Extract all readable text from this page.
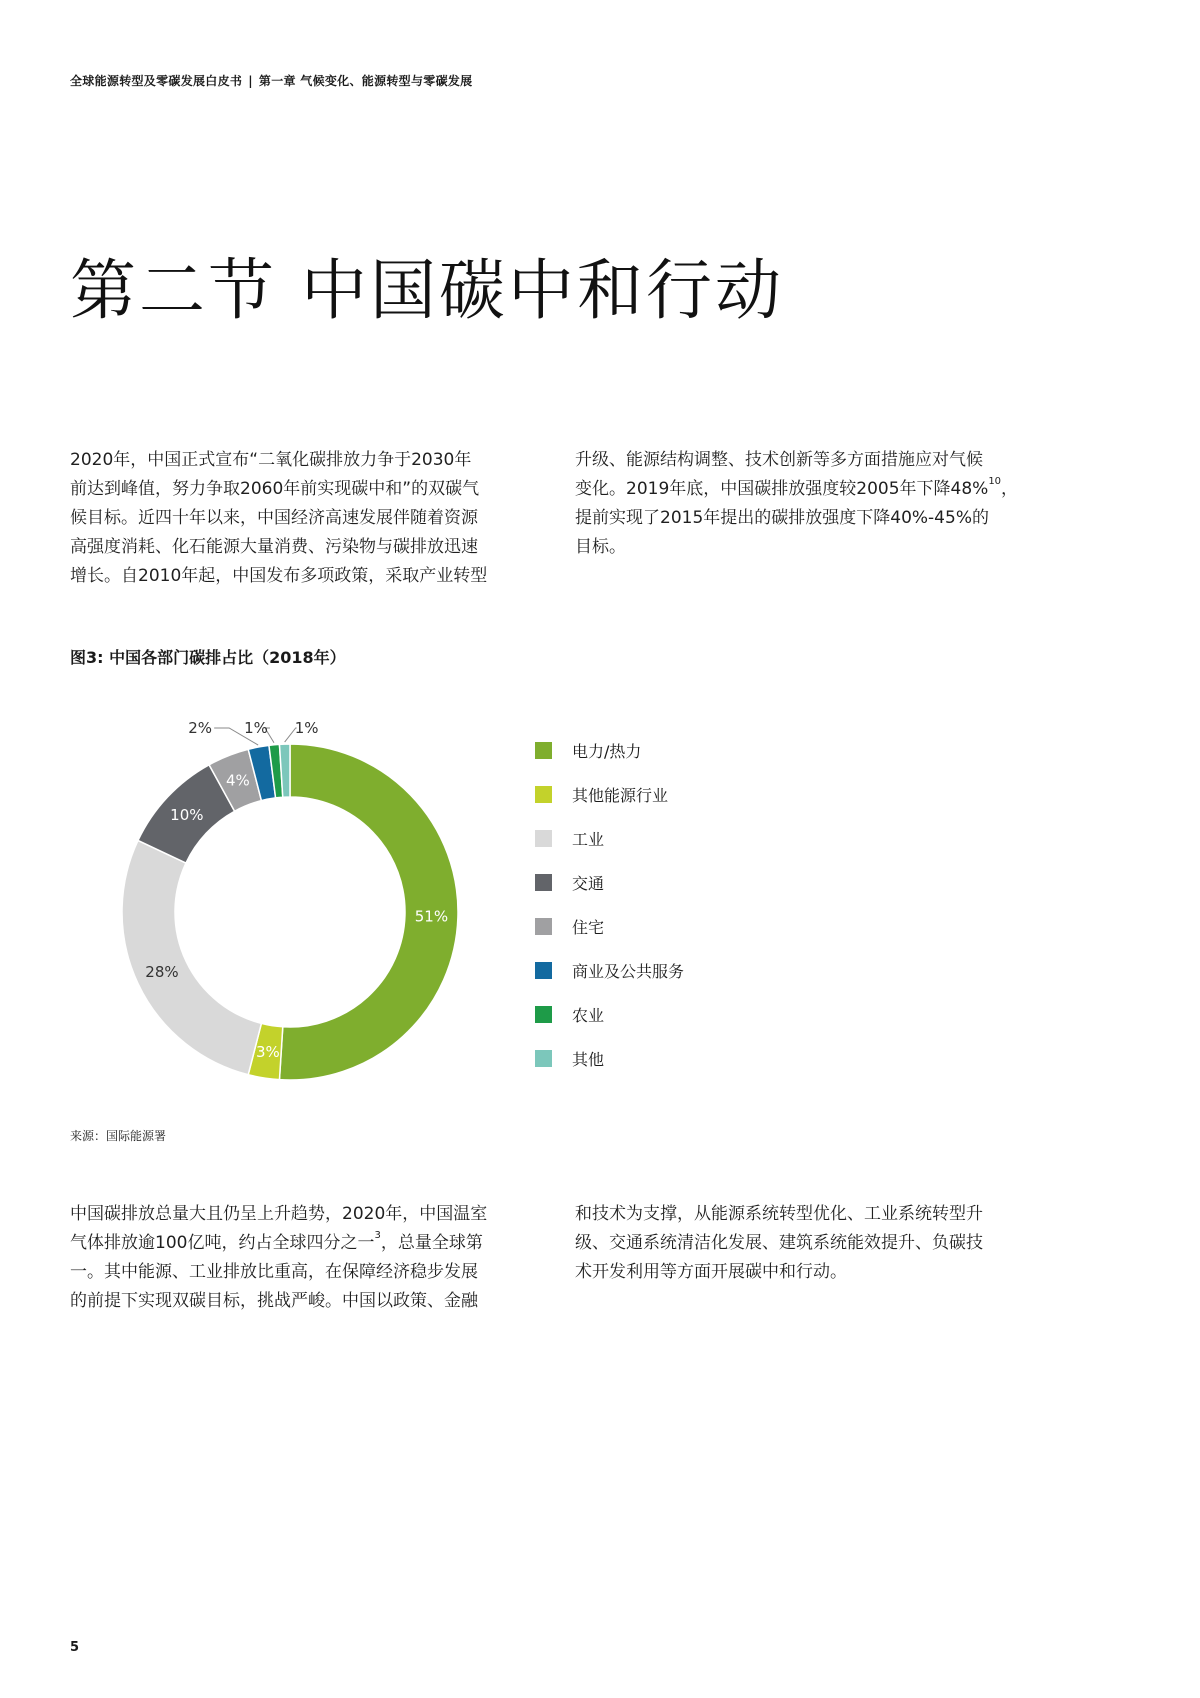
全球能源转型及零碳发展白皮书 | 第一章 气候变化、能源转型与零碳发展
第二节 中国碳中和行动
2020年，中国正式宣布“二氧化碳排放力争于2030年
前达到峰值，努力争取2060年前实现碳中和”的双碳气
候目标。近四十年以来，中国经济高速发展伴随着资源
高强度消耗、化石能源大量消费、污染物与碳排放迅速
增长。自2010年起，中国发布多项政策，采取产业转型
升级、能源结构调整、技术创新等多方面措施应对气候
变化。2019年底，中国碳排放强度较2005年下降48%$^{10}$，
提前实现了2015年提出的碳排放强度下降40%-45%的
目标。
图3: 中国各部门碳排占比（2018年）
51%
3%
28%
10%
4%
2% 1% 1%
电力/热力
其他能源行业
工业
交通
住宅
商业及公共服务
农业
其他
来源：国际能源署
中国碳排放总量大且仍呈上升趋势，2020年，中国温室
气体排放逾100亿吨，约占全球四分之一$^3$，总量全球第
一。其中能源、工业排放比重高，在保障经济稳步发展
的前提下实现双碳目标，挑战严峻。中国以政策、金融
和技术为支撑，从能源系统转型优化、工业系统转型升
级、交通系统清洁化发展、建筑系统能效提升、负碳技
术开发利用等方面开展碳中和行动。
5
